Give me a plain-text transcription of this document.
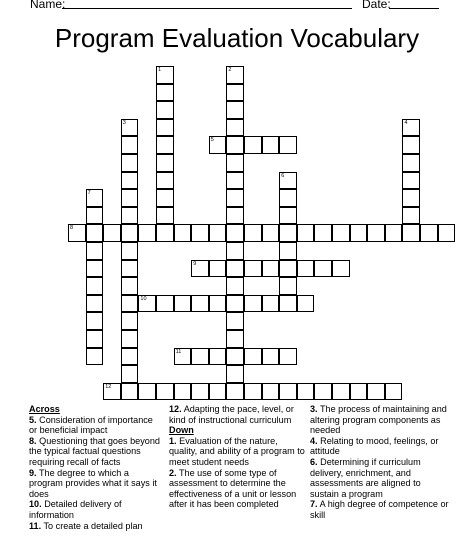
Name:	Date:
Program Evaluation Vocabulary
1	2
3	4
5
6
7
8
9
10
11
12
Across
5. Consideration of importance or beneficial impact
8. Questioning that goes beyond the typical factual questions requiring recall of facts
9. The degree to which a program provides what it says it does
10. Detailed delivery of information
11. To create a detailed plan
12. Adapting the pace, level, or kind of instructional curriculum
Down
1. Evaluation of the nature, quality, and ability of a program to meet student needs
2. The use of some type of assessment to determine the effectiveness of a unit or lesson after it has been completed
3. The process of maintaining and altering program components as needed
4. Relating to mood, feelings, or attitude
6. Determining if curriculum delivery, enrichment, and assessments are aligned to sustain a program
7. A high degree of competence or skill
